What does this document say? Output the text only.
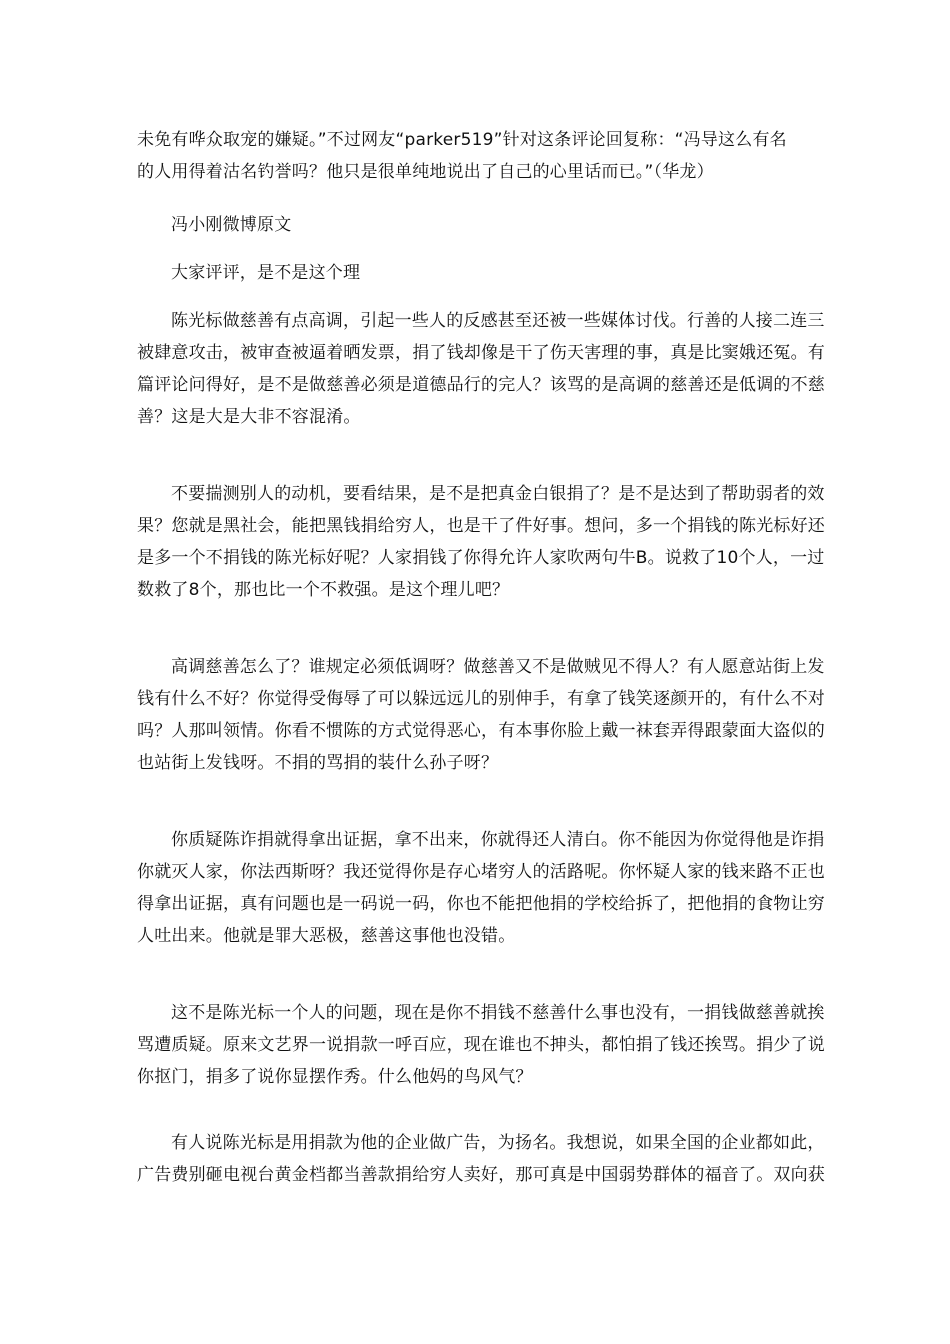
未免有哗众取宠的嫌疑。”不过网友“parker519”针对这条评论回复称：“冯导这么有名
的人用得着沽名钓誉吗？他只是很单纯地说出了自己的心里话而已。”（华龙）
冯小刚微博原文
大家评评，是不是这个理
陈光标做慈善有点高调，引起一些人的反感甚至还被一些媒体讨伐。行善的人接二连三
被肆意攻击，被审查被逼着晒发票，捐了钱却像是干了伤天害理的事，真是比窦娥还冤。有
篇评论问得好，是不是做慈善必须是道德品行的完人？该骂的是高调的慈善还是低调的不慈
善？这是大是大非不容混淆。
不要揣测别人的动机，要看结果，是不是把真金白银捐了？是不是达到了帮助弱者的效
果？您就是黑社会，能把黑钱捐给穷人，也是干了件好事。想问，多一个捐钱的陈光标好还
是多一个不捐钱的陈光标好呢？人家捐钱了你得允许人家吹两句牛B。说救了10个人，一过
数救了8个，那也比一个不救强。是这个理儿吧？
高调慈善怎么了？谁规定必须低调呀？做慈善又不是做贼见不得人？有人愿意站街上发
钱有什么不好？你觉得受侮辱了可以躲远远儿的别伸手，有拿了钱笑逐颜开的，有什么不对
吗？人那叫领情。你看不惯陈的方式觉得恶心，有本事你脸上戴一袜套弄得跟蒙面大盗似的
也站街上发钱呀。不捐的骂捐的装什么孙子呀？
你质疑陈诈捐就得拿出证据，拿不出来，你就得还人清白。你不能因为你觉得他是诈捐
你就灭人家，你法西斯呀？我还觉得你是存心堵穷人的活路呢。你怀疑人家的钱来路不正也
得拿出证据，真有问题也是一码说一码，你也不能把他捐的学校给拆了，把他捐的食物让穷
人吐出来。他就是罪大恶极，慈善这事他也没错。
这不是陈光标一个人的问题，现在是你不捐钱不慈善什么事也没有，一捐钱做慈善就挨
骂遭质疑。原来文艺界一说捐款一呼百应，现在谁也不抻头，都怕捐了钱还挨骂。捐少了说
你抠门，捐多了说你显摆作秀。什么他妈的鸟风气？
有人说陈光标是用捐款为他的企业做广告，为扬名。我想说，如果全国的企业都如此，
广告费别砸电视台黄金档都当善款捐给穷人卖好，那可真是中国弱势群体的福音了。双向获
